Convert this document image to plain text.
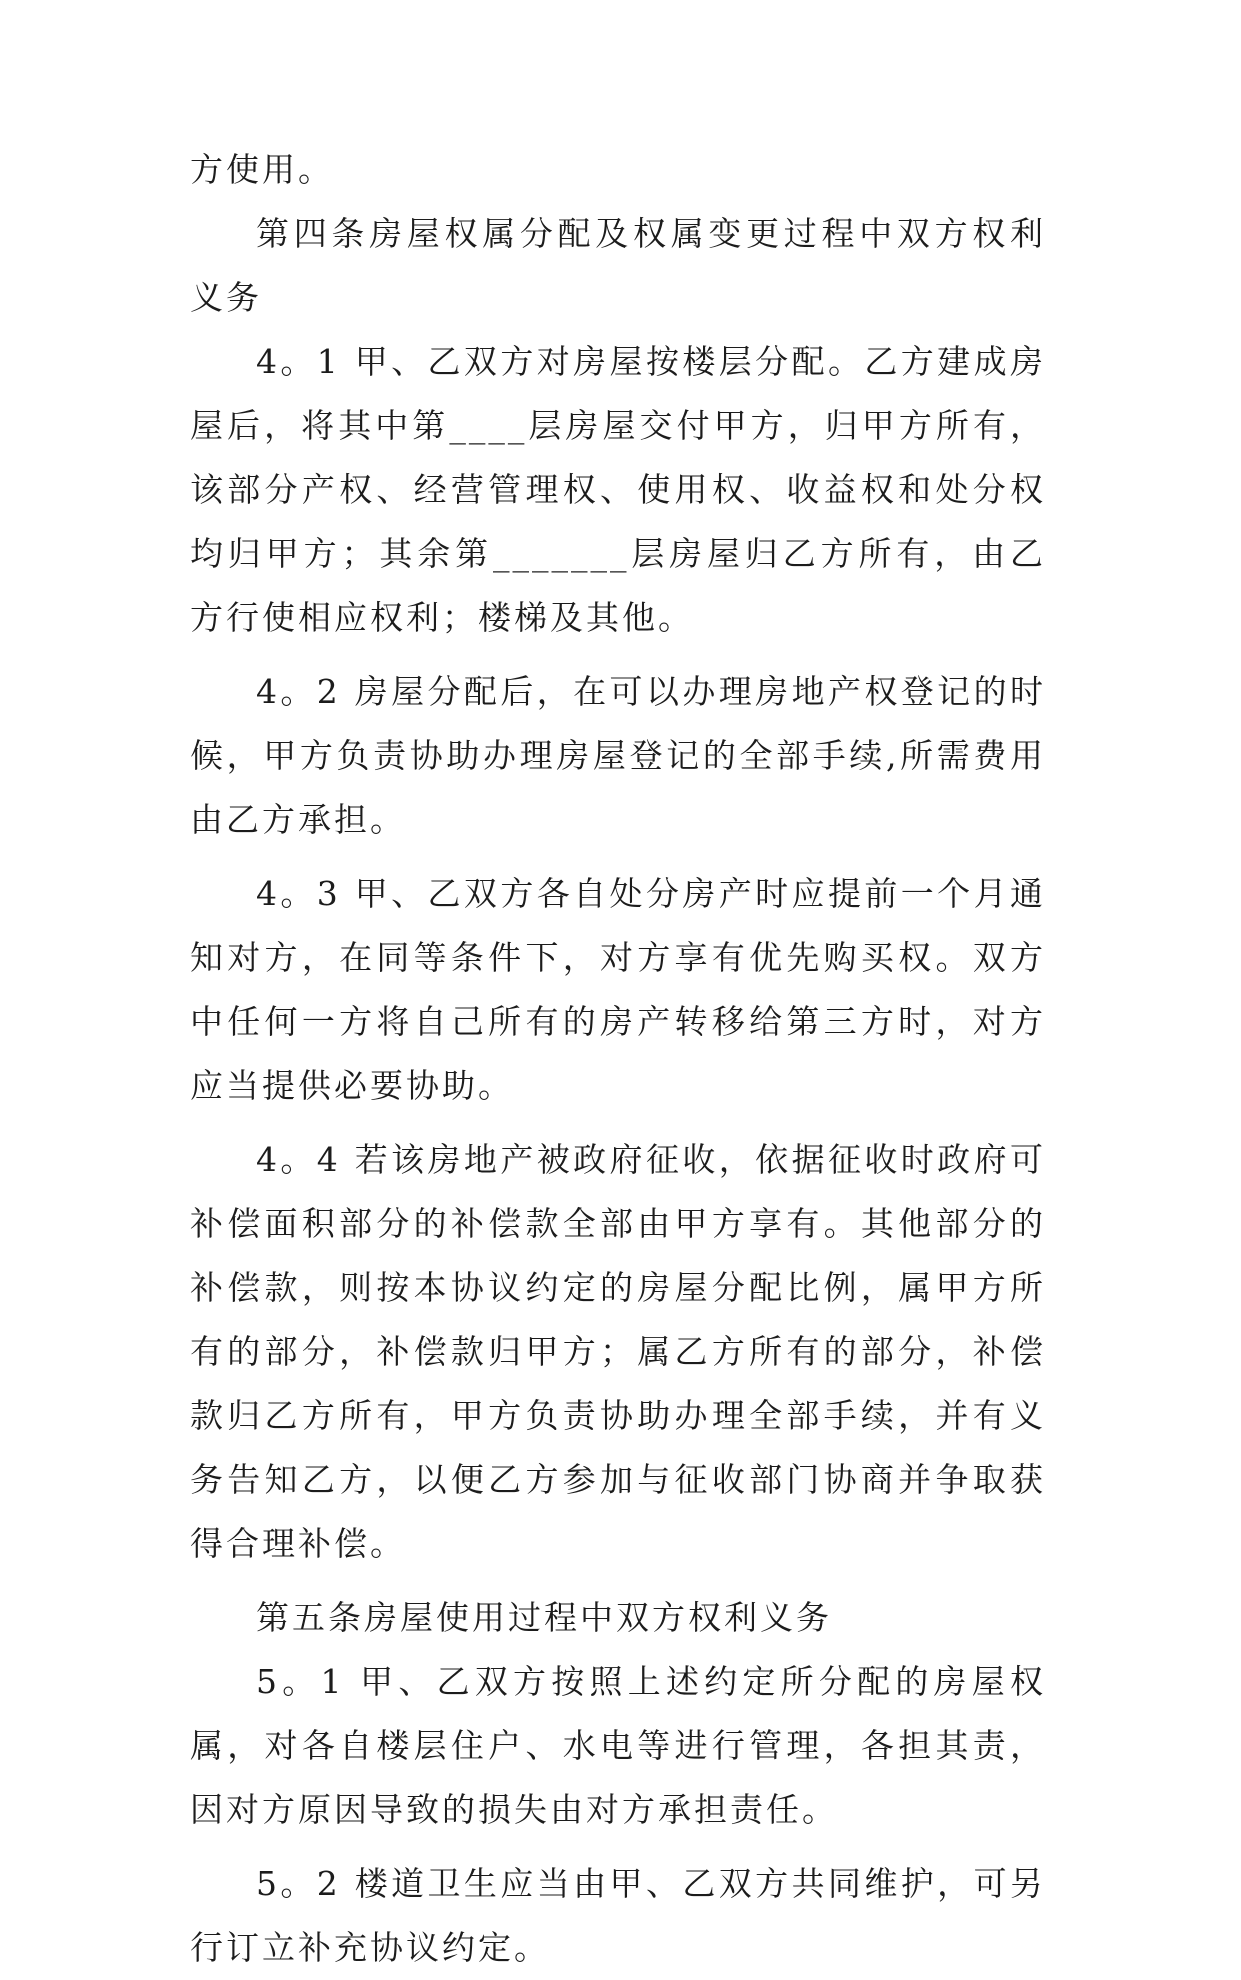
方使用。

第四条房屋权属分配及权属变更过程中双方权利义务

4。1 甲、乙双方对房屋按楼层分配。乙方建成房屋后，将其中第____层房屋交付甲方，归甲方所有，该部分产权、经营管理权、使用权、收益权和处分权均归甲方；其余第_______层房屋归乙方所有，由乙方行使相应权利；楼梯及其他。

4。2 房屋分配后，在可以办理房地产权登记的时候，甲方负责协助办理房屋登记的全部手续,所需费用由乙方承担。

4。3 甲、乙双方各自处分房产时应提前一个月通知对方，在同等条件下，对方享有优先购买权。双方中任何一方将自己所有的房产转移给第三方时，对方应当提供必要协助。

4。4 若该房地产被政府征收，依据征收时政府可补偿面积部分的补偿款全部由甲方享有。其他部分的补偿款，则按本协议约定的房屋分配比例，属甲方所有的部分，补偿款归甲方；属乙方所有的部分，补偿款归乙方所有，甲方负责协助办理全部手续，并有义务告知乙方，以便乙方参加与征收部门协商并争取获得合理补偿。

第五条房屋使用过程中双方权利义务

5。1 甲、乙双方按照上述约定所分配的房屋权属，对各自楼层住户、水电等进行管理，各担其责，因对方原因导致的损失由对方承担责任。

5。2 楼道卫生应当由甲、乙双方共同维护，可另行订立补充协议约定。
